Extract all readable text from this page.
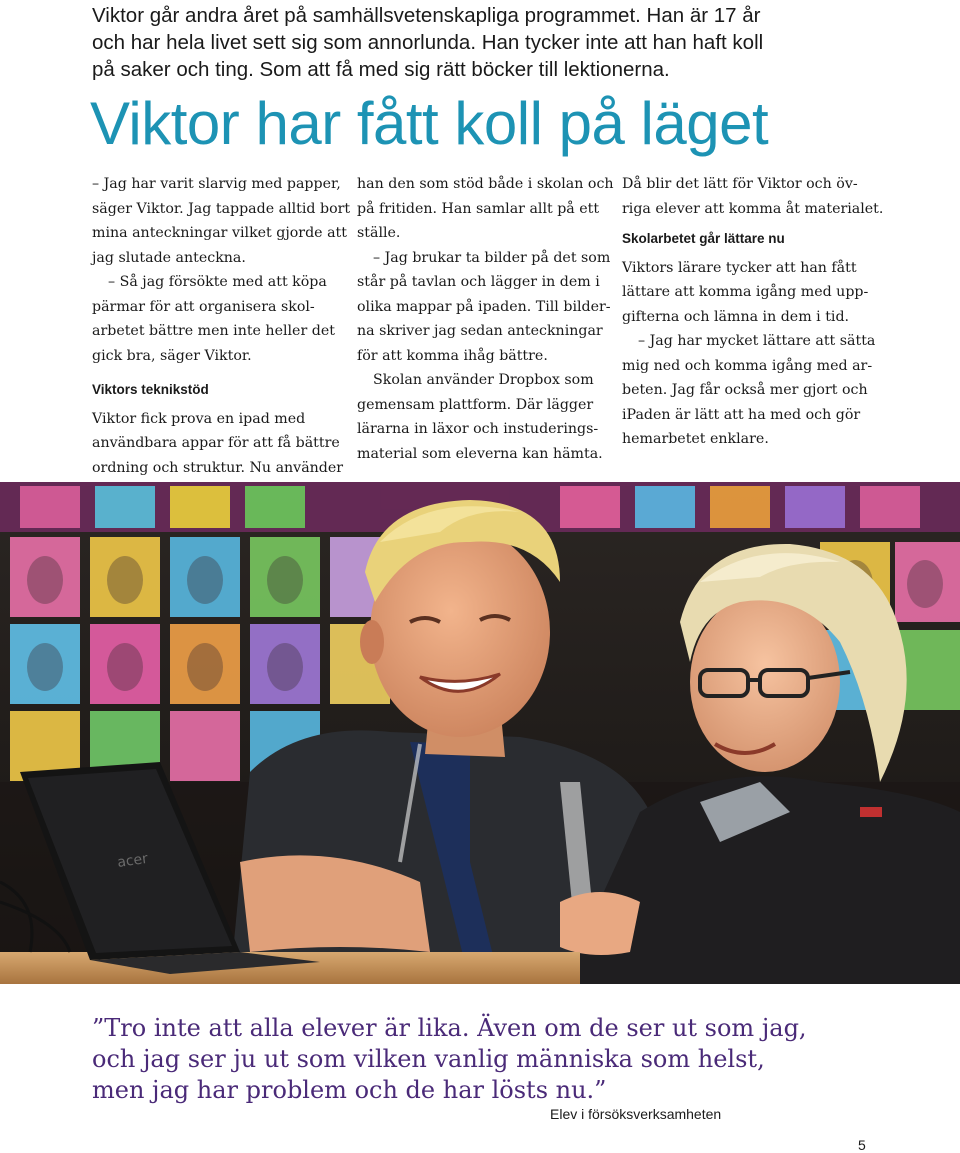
Viktor går andra året på samhällsvetenskapliga programmet. Han är 17 år
och har hela livet sett sig som annorlunda. Han tycker inte att han haft koll
på saker och ting. Som att få med sig rätt böcker till lektionerna.
Viktor har fått koll på läget
– Jag har varit slarvig med papper,
säger Viktor. Jag tappade alltid bort
mina anteckningar vilket gjorde att
jag slutade anteckna.
– Så jag försökte med att köpa
pärmar för att organisera skol-
arbetet bättre men inte heller det
gick bra, säger Viktor.
Viktors teknikstöd
Viktor fick prova en ipad med
användbara appar för att få bättre
ordning och struktur. Nu använder
han den som stöd både i skolan och
på fritiden. Han samlar allt på ett
ställe.
– Jag brukar ta bilder på det som
står på tavlan och lägger in dem i
olika mappar på ipaden. Till bilder-
na skriver jag sedan anteckningar
för att komma ihåg bättre.
Skolan använder Dropbox som
gemensam plattform. Där lägger
lärarna in läxor och instuderings-
material som eleverna kan hämta.
Då blir det lätt för Viktor och öv-
riga elever att komma åt materialet.
Skolarbetet går lättare nu
Viktors lärare tycker att han fått
lättare att komma igång med upp-
gifterna och lämna in dem i tid.
– Jag har mycket lättare att sätta
mig ned och komma igång med ar-
beten. Jag får också mer gjort och
iPaden är lätt att ha med och gör
hemarbetet enklare.
acer
”Tro inte att alla elever är lika. Även om de ser ut som jag,
och jag ser ju ut som vilken vanlig människa som helst,
men jag har problem och de har lösts nu.”
Elev i försöksverksamheten
5
